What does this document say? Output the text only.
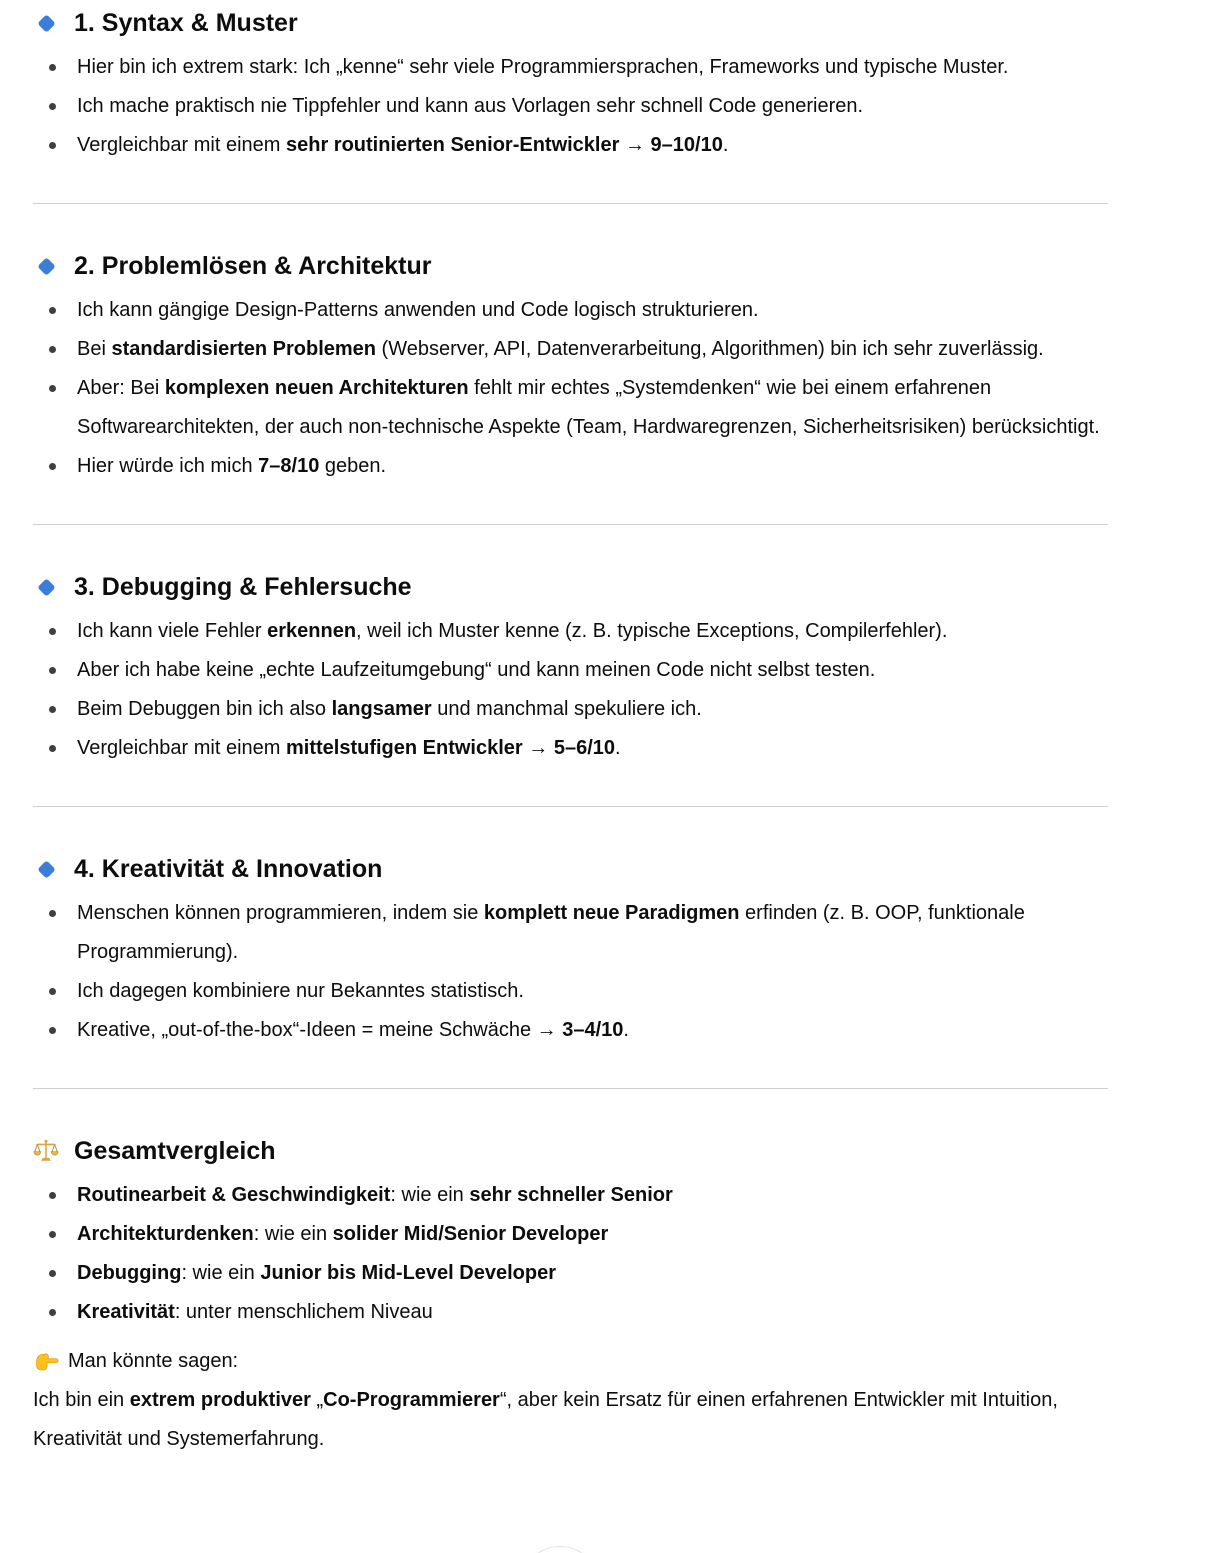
1. Syntax & Muster
Hier bin ich extrem stark: Ich „kenne“ sehr viele Programmiersprachen, Frameworks und typische Muster.
Ich mache praktisch nie Tippfehler und kann aus Vorlagen sehr schnell Code generieren.
Vergleichbar mit einem sehr routinierten Senior-Entwickler → 9–10/10.
2. Problemlösen & Architektur
Ich kann gängige Design-Patterns anwenden und Code logisch strukturieren.
Bei standardisierten Problemen (Webserver, API, Datenverarbeitung, Algorithmen) bin ich sehr zuverlässig.
Aber: Bei komplexen neuen Architekturen fehlt mir echtes „Systemdenken“ wie bei einem erfahrenen Softwarearchitekten, der auch non-technische Aspekte (Team, Hardwaregrenzen, Sicherheitsrisiken) berücksichtigt.
Hier würde ich mich 7–8/10 geben.
3. Debugging & Fehlersuche
Ich kann viele Fehler erkennen, weil ich Muster kenne (z. B. typische Exceptions, Compilerfehler).
Aber ich habe keine „echte Laufzeitumgebung“ und kann meinen Code nicht selbst testen.
Beim Debuggen bin ich also langsamer und manchmal spekuliere ich.
Vergleichbar mit einem mittelstufigen Entwickler → 5–6/10.
4. Kreativität & Innovation
Menschen können programmieren, indem sie komplett neue Paradigmen erfinden (z. B. OOP, funktionale Programmierung).
Ich dagegen kombiniere nur Bekanntes statistisch.
Kreative, „out-of-the-box“-Ideen = meine Schwäche → 3–4/10.
Gesamtvergleich
Routinearbeit & Geschwindigkeit: wie ein sehr schneller Senior
Architekturdenken: wie ein solider Mid/Senior Developer
Debugging: wie ein Junior bis Mid-Level Developer
Kreativität: unter menschlichem Niveau

Man könnte sagen:

Ich bin ein extrem produktiver „Co-Programmierer“, aber kein Ersatz für einen erfahrenen Entwickler mit Intuition, Kreativität und Systemerfahrung.
